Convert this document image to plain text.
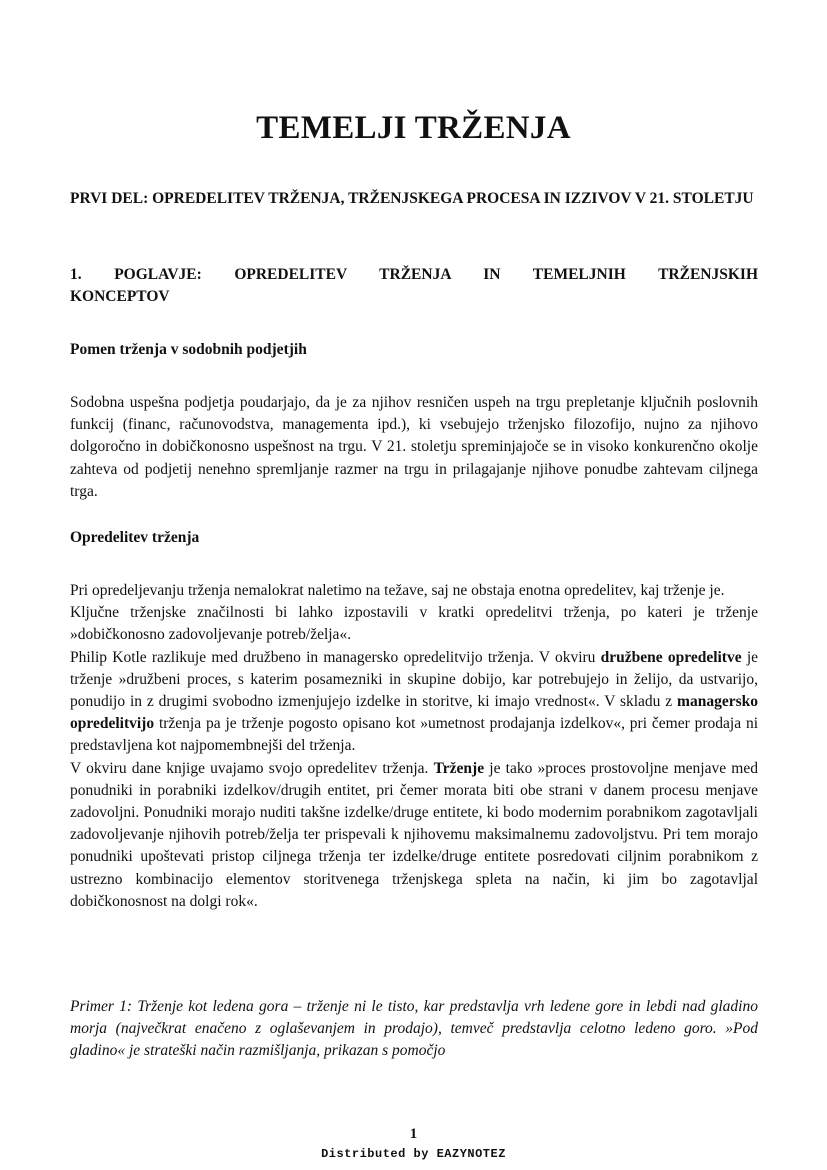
TEMELJI TRŽENJA
PRVI DEL: OPREDELITEV TRŽENJA, TRŽENJSKEGA PROCESA IN IZZIVOV V 21. STOLETJU
1. POGLAVJE: OPREDELITEV TRŽENJA IN TEMELJNIH TRŽENJSKIH
KONCEPTOV
Pomen trženja v sodobnih podjetjih

Sodobna uspešna podjetja poudarjajo, da je za njihov resničen uspeh na trgu prepletanje ključnih poslovnih funkcij (financ, računovodstva, managementa ipd.), ki vsebujejo trženjsko filozofijo, nujno za njihovo dolgoročno in dobičkonosno uspešnost na trgu. V 21. stoletju spreminjajoče se in visoko konkurenčno okolje zahteva od podjetij nenehno spremljanje razmer na trgu in prilagajanje njihove ponudbe zahtevam ciljnega trga.

Opredelitev trženja

Pri opredeljevanju trženja nemalokrat naletimo na težave, saj ne obstaja enotna opredelitev, kaj trženje je.

Ključne trženjske značilnosti bi lahko izpostavili v kratki opredelitvi trženja, po kateri je trženje »dobičkonosno zadovoljevanje potreb/želja«.

Philip Kotle razlikuje med družbeno in managersko opredelitvijo trženja. V okviru družbene opredelitve je trženje »družbeni proces, s katerim posamezniki in skupine dobijo, kar potrebujejo in želijo, da ustvarijo, ponudijo in z drugimi svobodno izmenjujejo izdelke in storitve, ki imajo vrednost«. V skladu z managersko opredelitvijo trženja pa je trženje pogosto opisano kot »umetnost prodajanja izdelkov«, pri čemer prodaja ni predstavljena kot najpomembnejši del trženja.

V okviru dane knjige uvajamo svojo opredelitev trženja. Trženje je tako »proces prostovoljne menjave med ponudniki in porabniki izdelkov/drugih entitet, pri čemer morata biti obe strani v danem procesu menjave zadovoljni. Ponudniki morajo nuditi takšne izdelke/druge entitete, ki bodo modernim porabnikom zagotavljali zadovoljevanje njihovih potreb/želja ter prispevali k njihovemu maksimalnemu zadovoljstvu. Pri tem morajo ponudniki upoštevati pristop ciljnega trženja ter izdelke/druge entitete posredovati ciljnim porabnikom z ustrezno kombinacijo elementov storitvenega trženjskega spleta na način, ki jim bo zagotavljal dobičkonosnost na dolgi rok«.

Primer 1: Trženje kot ledena gora – trženje ni le tisto, kar predstavlja vrh ledene gore in lebdi nad gladino morja (največkrat enačeno z oglaševanjem in prodajo), temveč predstavlja celotno ledeno goro. »Pod gladino« je strateški način razmišljanja, prikazan s pomočjo

1
Distributed by EAZYNOTEZ
